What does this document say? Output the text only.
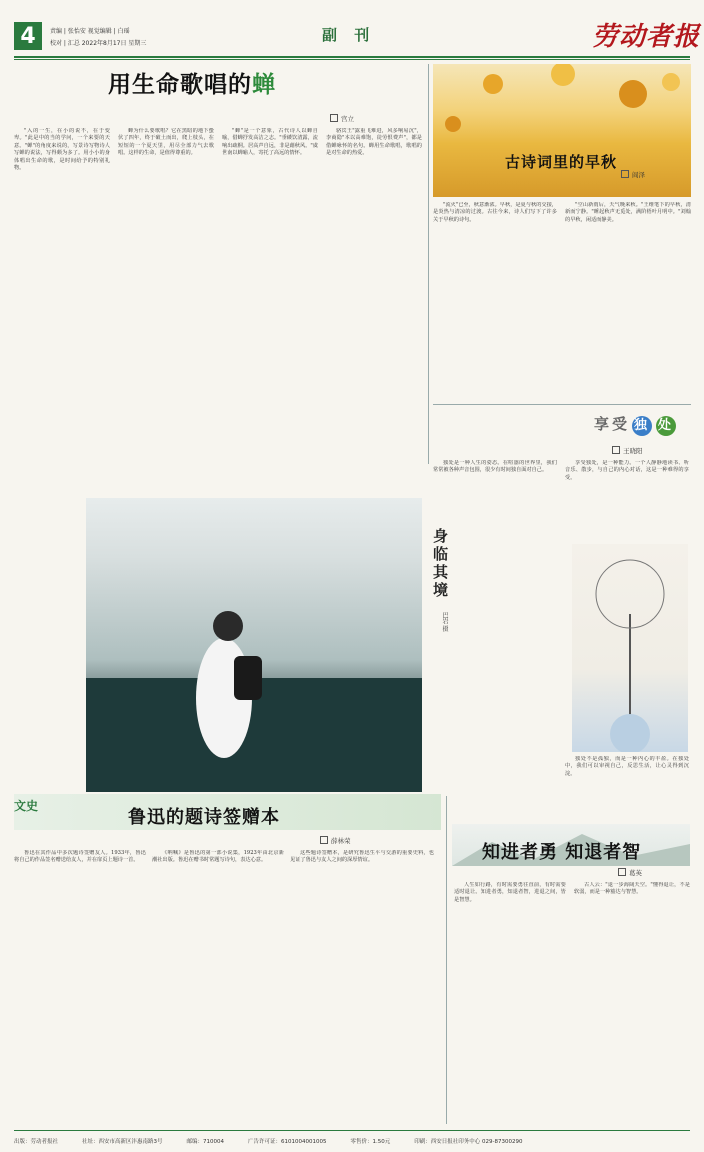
4	责编 | 张怡安 视觉编辑 | 白瑶
校对 | 汇总 2022年8月17日 星期三	副 刊	劳动者报
用生命歌唱的蝉
宫立

"入的一生，在小的说不，在于变卑。"此是中的当的学问，一个来要的天意。"蝉"的角度来说的，写景诗写物诗人写蝉的说法，写得颇为多了。用小小的身体唱出生命的歌，是时间给予的特别礼物。

蝉为什么要歌唱？它在黑暗的地下蛰伏了四年，终于破土而出，爬上枝头，在短短的一个夏天里，用尽全部力气去歌唱。这样的生命，是值得尊重的。

"蝉"是一个意象，古代诗人以蝉自喻，借蝉抒发高洁之志。"垂緌饮清露，流响出疏桐。居高声自远，非是藉秋风。"虞世南以蝉喻人，寄托了高远的情怀。

骆宾王"露重飞难进，风多响易沉"，李商隐"本以高难饱，徒劳恨费声"，都是借蝉咏怀的名句。蝉用生命歌唱，歌唱的是对生命的热爱。	古诗词里的早秋
阎泽

"流火"已至，秋意渐浓。早秋，是夏与秋的交接，是炎热与清凉的过渡。古往今来，诗人们写下了许多关于早秋的诗句。

"空山新雨后，天气晚来秋。"王维笔下的早秋，清新而宁静。"睡起秋声无觅处，满阶梧叶月明中。"刘翰的早秋，闲适而静美。

享受 独 处
王晓阳

独处是一种人生的姿态。在喧嚣的世界里，我们常常被各种声音包围，很少有时间独自面对自己。

享受独处，是一种能力。一个人静静地读书、听音乐、散步，与自己的内心对话，这是一种难得的享受。

独处不是孤独，而是一种内心的丰盈。在独处中，我们可以审视自己，反思生活，让心灵得到沉淀。

身临其境
巴岩 摄
文史
鲁迅的题诗签赠本
薛林荣

鲁迅在其作品中多次题诗签赠友人。1933年，鲁迅将自己的作品签名赠送给友人，并在扉页上题诗一首。

《呐喊》是鲁迅的第一部小说集，1923年由北京新潮社出版。鲁迅在赠书时常题写诗句，表达心意。

这些题诗签赠本，是研究鲁迅生平与交游的重要史料，也见证了鲁迅与友人之间的深厚情谊。	知进者勇 知退者智
葛英

人生如行路，有时需要勇往直前，有时需要适时退让。知进者勇，知退者智，进退之间，皆是智慧。

古人云："退一步海阔天空。"懂得退让，不是软弱，而是一种豁达与智慧。

出版：劳动者报社	社址：西安市高新区沣惠南路3号	邮编：710004	广告许可证：6101004001005	零售价：1.50元	印刷：西安日报社印务中心 029-87300290
